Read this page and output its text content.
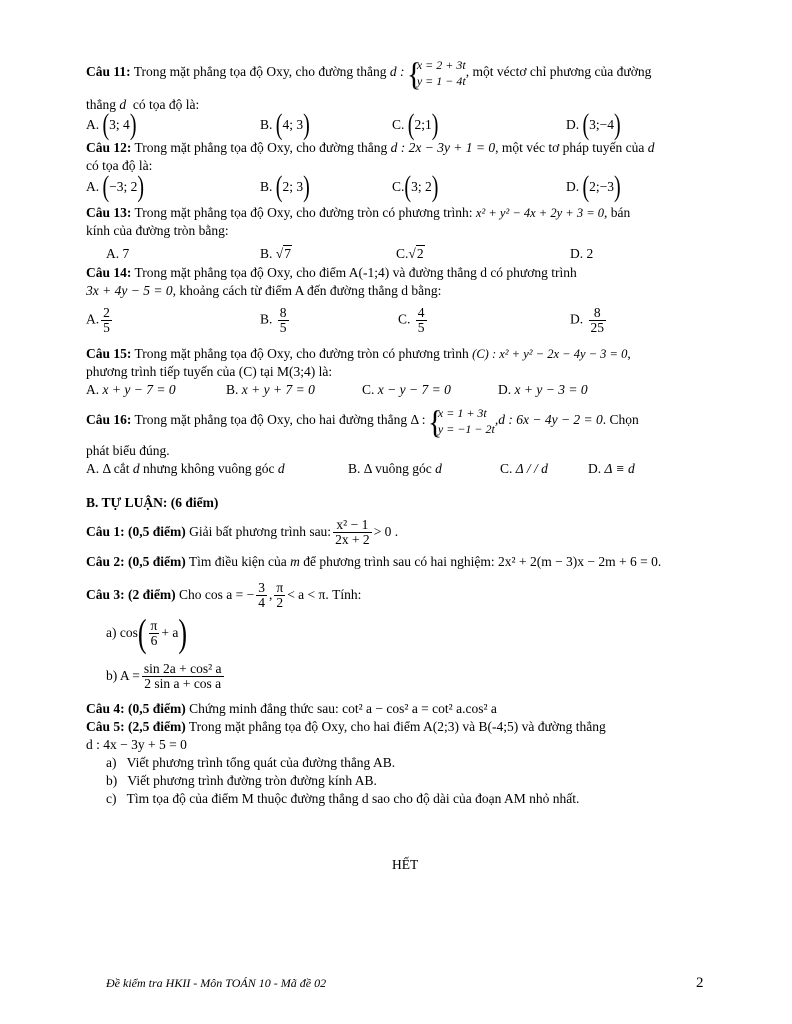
Câu 11: Trong mặt phẳng tọa độ Oxy, cho đường thẳng d : { x = 2 + 3t
y = 1 − 4t
, một véctơ chỉ phương của đường
thẳng d có tọa độ là:
A. (3; 4)	B. (4; 3)	C. (2;1)	D. (3;−4)
Câu 12: Trong mặt phẳng tọa độ Oxy, cho đường thẳng d : 2x − 3y + 1 = 0, một véc tơ pháp tuyến của d
có tọa độ là:
A. (−3; 2)	B. (2; 3)	C.(3; 2)	D. (2;−3)
Câu 13: Trong mặt phẳng tọa độ Oxy, cho đường tròn có phương trình: x² + y² − 4x + 2y + 3 = 0, bán
kính của đường tròn bằng:
A. 7	B. √7	C.√2	D. 2
Câu 14: Trong mặt phẳng tọa độ Oxy, cho điểm A(-1;4) và đường thẳng d có phương trình
3x + 4y − 5 = 0, khoảng cách từ điểm A đến đường thẳng d bằng:
A. $\frac{2}{5}$	B. $\frac{8}{5}$	C. $\frac{4}{5}$	D. $\frac{8}{25}$
Câu 15: Trong mặt phẳng tọa độ Oxy, cho đường tròn có phương trình (C) : x² + y² − 2x − 4y − 3 = 0,
phương trình tiếp tuyến của (C) tại M(3;4) là:
A. x + y − 7 = 0	B. x + y + 7 = 0	C. x − y − 7 = 0	D. x + y − 3 = 0
Câu 16: Trong mặt phẳng tọa độ Oxy, cho hai đường thẳng Δ : { x = 1 + 3t
y = −1 − 2t
,d : 6x − 4y − 2 = 0. Chọn
phát biểu đúng.
A. Δ cắt d nhưng không vuông góc d	B. Δ vuông góc d	C. Δ / / d	D. Δ ≡ d
B. TỰ LUẬN: (6 điểm)
Câu 1: (0,5 điểm) Giải bất phương trình sau: $\frac{\text{x² − 1}}{2x + 2} > 0$ .
Câu 2: (0,5 điểm) Tìm điều kiện của m để phương trình sau có hai nghiệm: 2x² + 2(m − 3)x − 2m + 6 = 0.
Câu 3: (2 điểm) Cho cos a = − $\frac{3}{4}$ , $\frac{\pi}{2} < a < \pi$. Tính:
a) $\cos( \frac{\pi}{6} + a)$
b) $A = \frac{\text{sin 2a + cos² a}}{\text{2 sin a + cos a}}$
Câu 4: (0,5 điểm) Chứng minh đẳng thức sau: cot² a − cos² a = cot² a.cos² a
Câu 5: (2,5 điểm) Trong mặt phẳng tọa độ Oxy, cho hai điểm A(2;3) và B(-4;5) và đường thẳng
d : 4x − 3y + 5 = 0
a) Viết phương trình tổng quát của đường thẳng AB.
b) Viết phương trình đường tròn đường kính AB.
c) Tìm tọa độ của điểm M thuộc đường thẳng d sao cho độ dài của đoạn AM nhỏ nhất.
HẾT
Đề kiểm tra HKII - Môn TOÁN 10 - Mã đề 02	2
